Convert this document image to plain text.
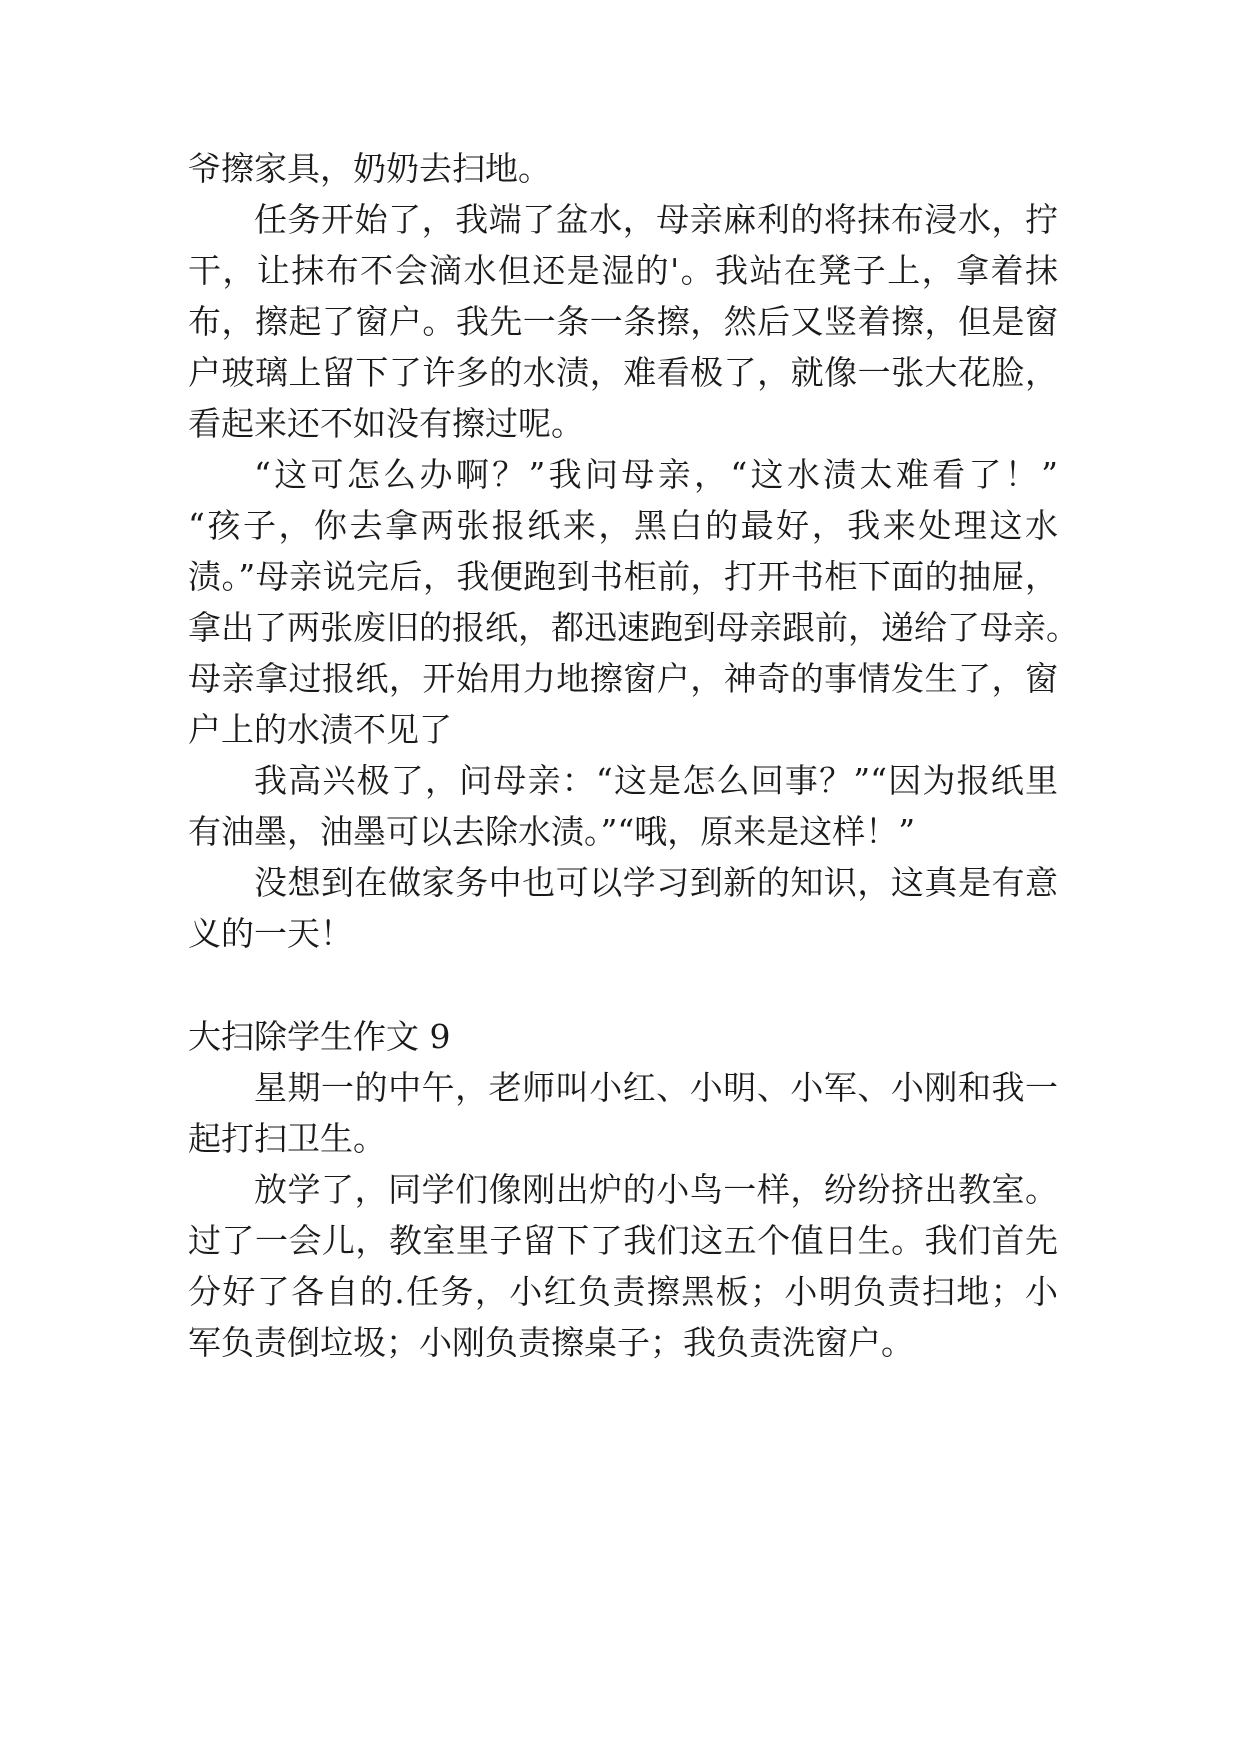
爷擦家具，奶奶去扫地。

任务开始了，我端了盆水，母亲麻利的将抹布浸水，拧

干，让抹布不会滴水但还是湿的'。我站在凳子上，拿着抹

布，擦起了窗户。我先一条一条擦，然后又竖着擦，但是窗

户玻璃上留下了许多的水渍，难看极了，就像一张大花脸，

看起来还不如没有擦过呢。

“这可怎么办啊？”我问母亲，“这水渍太难看了！”

“孩子，你去拿两张报纸来，黑白的最好，我来处理这水

渍。”母亲说完后，我便跑到书柜前，打开书柜下面的抽屉，

拿出了两张废旧的报纸，都迅速跑到母亲跟前，递给了母亲。

母亲拿过报纸，开始用力地擦窗户，神奇的事情发生了，窗

户上的水渍不见了

我高兴极了，问母亲：“这是怎么回事？”“因为报纸里

有油墨，油墨可以去除水渍。”“哦，原来是这样！”

没想到在做家务中也可以学习到新的知识，这真是有意

义的一天！

大扫除学生作文 9

星期一的中午，老师叫小红、小明、小军、小刚和我一

起打扫卫生。

放学了，同学们像刚出炉的小鸟一样，纷纷挤出教室。

过了一会儿，教室里子留下了我们这五个值日生。我们首先

分好了各自的.任务，小红负责擦黑板；小明负责扫地；小

军负责倒垃圾；小刚负责擦桌子；我负责洗窗户。
